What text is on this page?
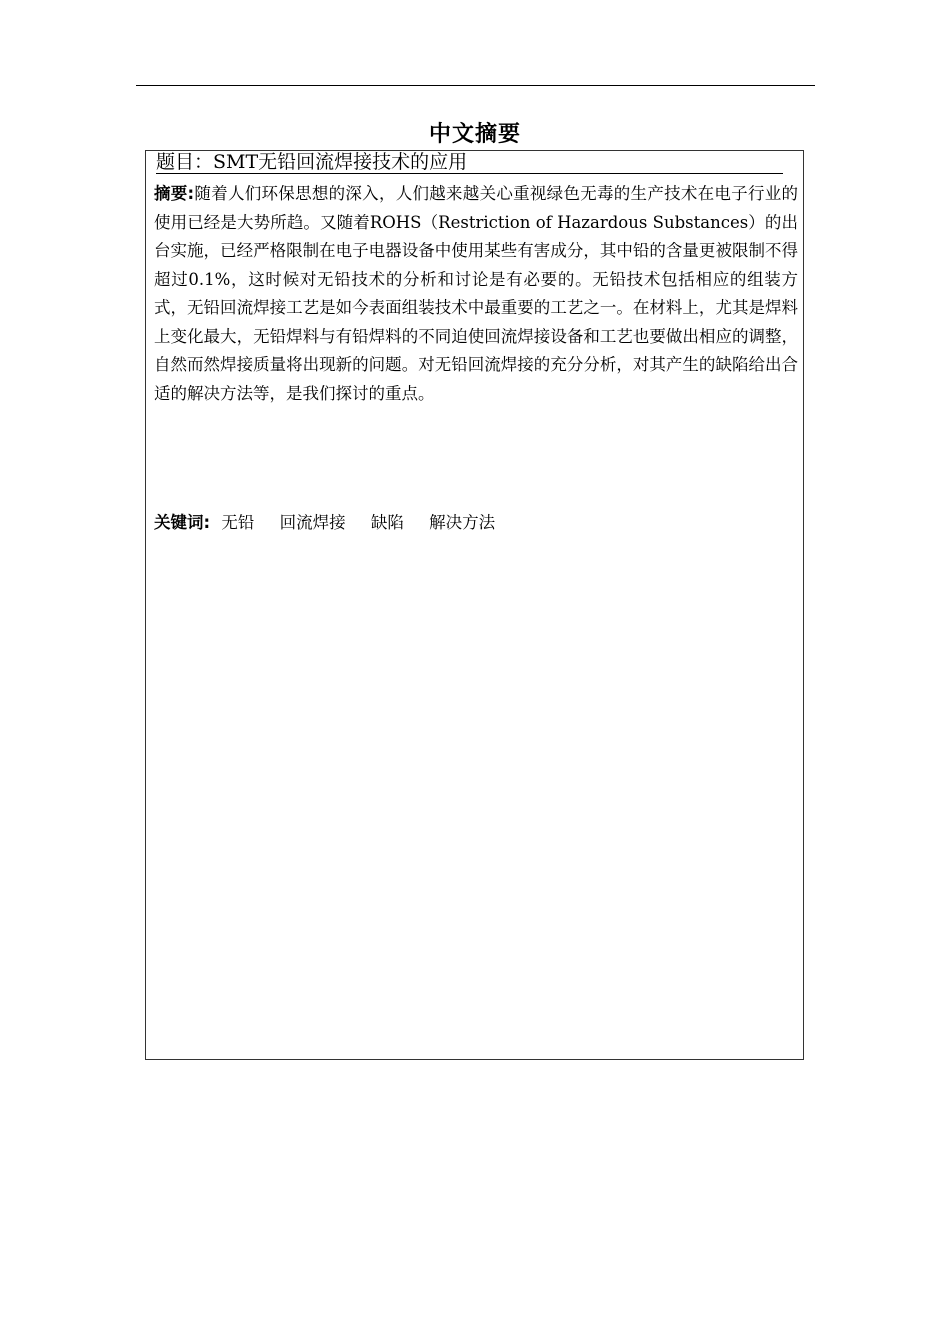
中文摘要
题目：SMT无铅回流焊接技术的应用
摘要:随着人们环保思想的深入，人们越来越关心重视绿色无毒的生产技术在电子行业的使用已经是大势所趋。又随着ROHS（Restriction of Hazardous Substances）的出台实施，已经严格限制在电子电器设备中使用某些有害成分，其中铅的含量更被限制不得超过0.1%，这时候对无铅技术的分析和讨论是有必要的。无铅技术包括相应的组装方式，无铅回流焊接工艺是如今表面组装技术中最重要的工艺之一。在材料上，尤其是焊料上变化最大，无铅焊料与有铅焊料的不同迫使回流焊接设备和工艺也要做出相应的调整，自然而然焊接质量将出现新的问题。对无铅回流焊接的充分分析，对其产生的缺陷给出合适的解决方法等，是我们探讨的重点。
关键词: 无铅 回流焊接 缺陷 解决方法
